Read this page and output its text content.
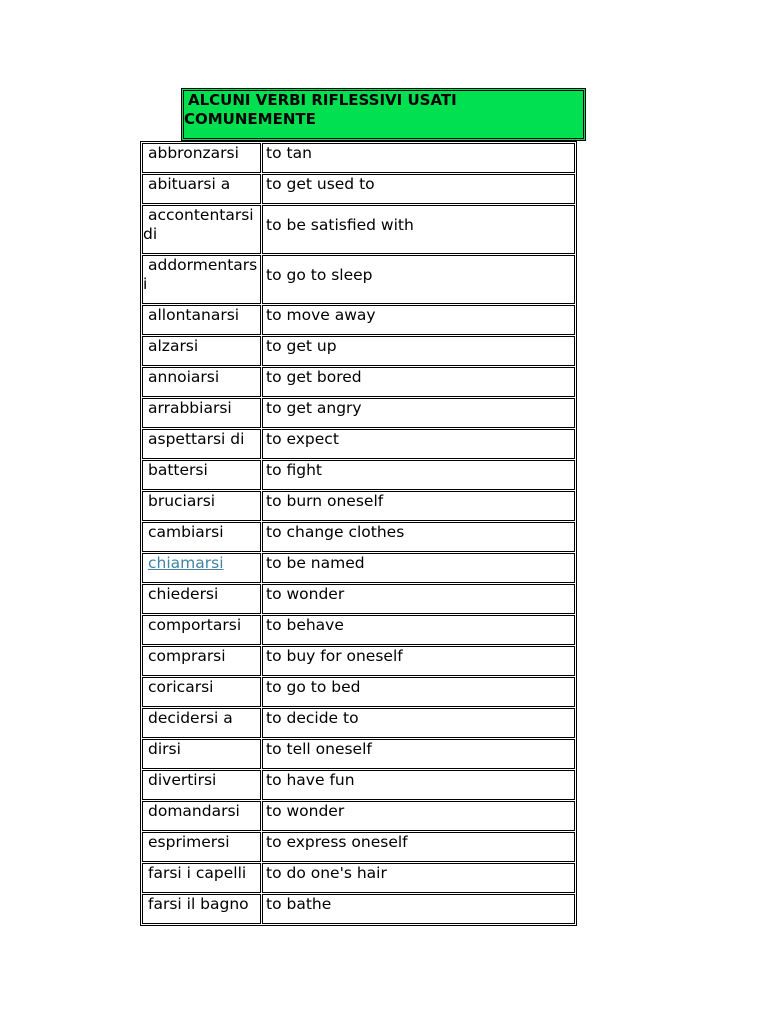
ALCUNI VERBI RIFLESSIVI USATI COMUNEMENTE
abbronzarsi	to tan
abituarsi a	to get used to
accontentarsi di	to be satisfied with
addormentarsi	to go to sleep
allontanarsi	to move away
alzarsi	to get up
annoiarsi	to get bored
arrabbiarsi	to get angry
aspettarsi di	to expect
battersi	to fight
bruciarsi	to burn oneself
cambiarsi	to change clothes
chiamarsi	to be named
chiedersi	to wonder
comportarsi	to behave
comprarsi	to buy for oneself
coricarsi	to go to bed
decidersi a	to decide to
dirsi	to tell oneself
divertirsi	to have fun
domandarsi	to wonder
esprimersi	to express oneself
farsi i capelli	to do one's hair
farsi il bagno	to bathe
